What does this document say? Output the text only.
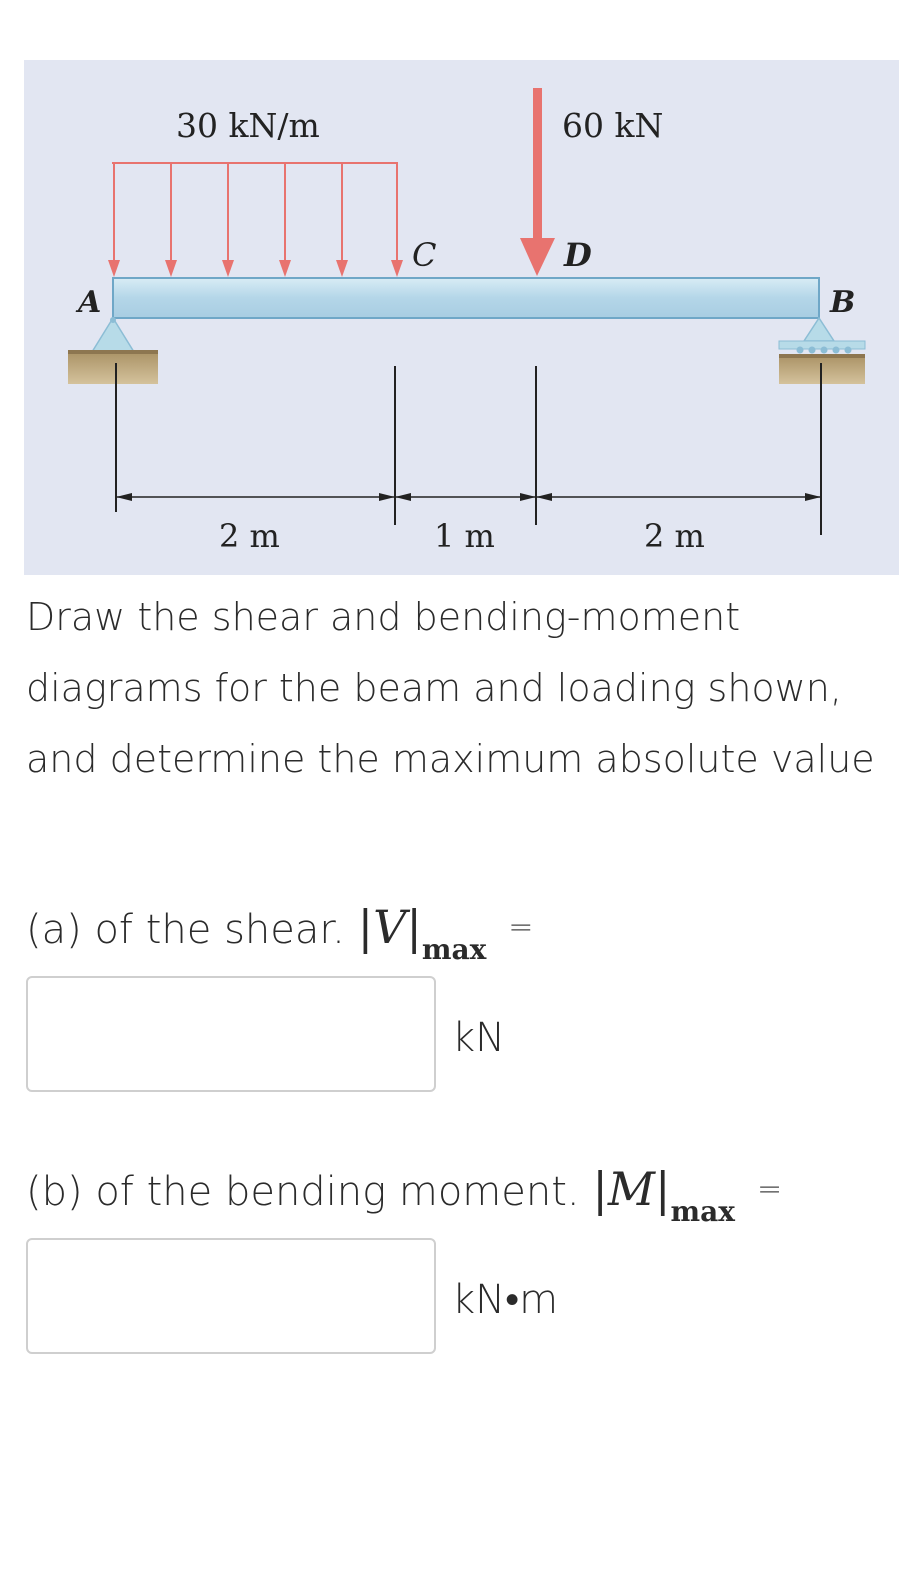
30 kN/m	60 kN
A	B
C	D
2 m	1 m	2 m
Draw the shear and bending-moment diagrams for the beam and loading shown, and determine the maximum absolute value
(a) of the shear. $|V|_{max}=$
kN
(b) of the bending moment. $|M|_{max}=$
kN•m
